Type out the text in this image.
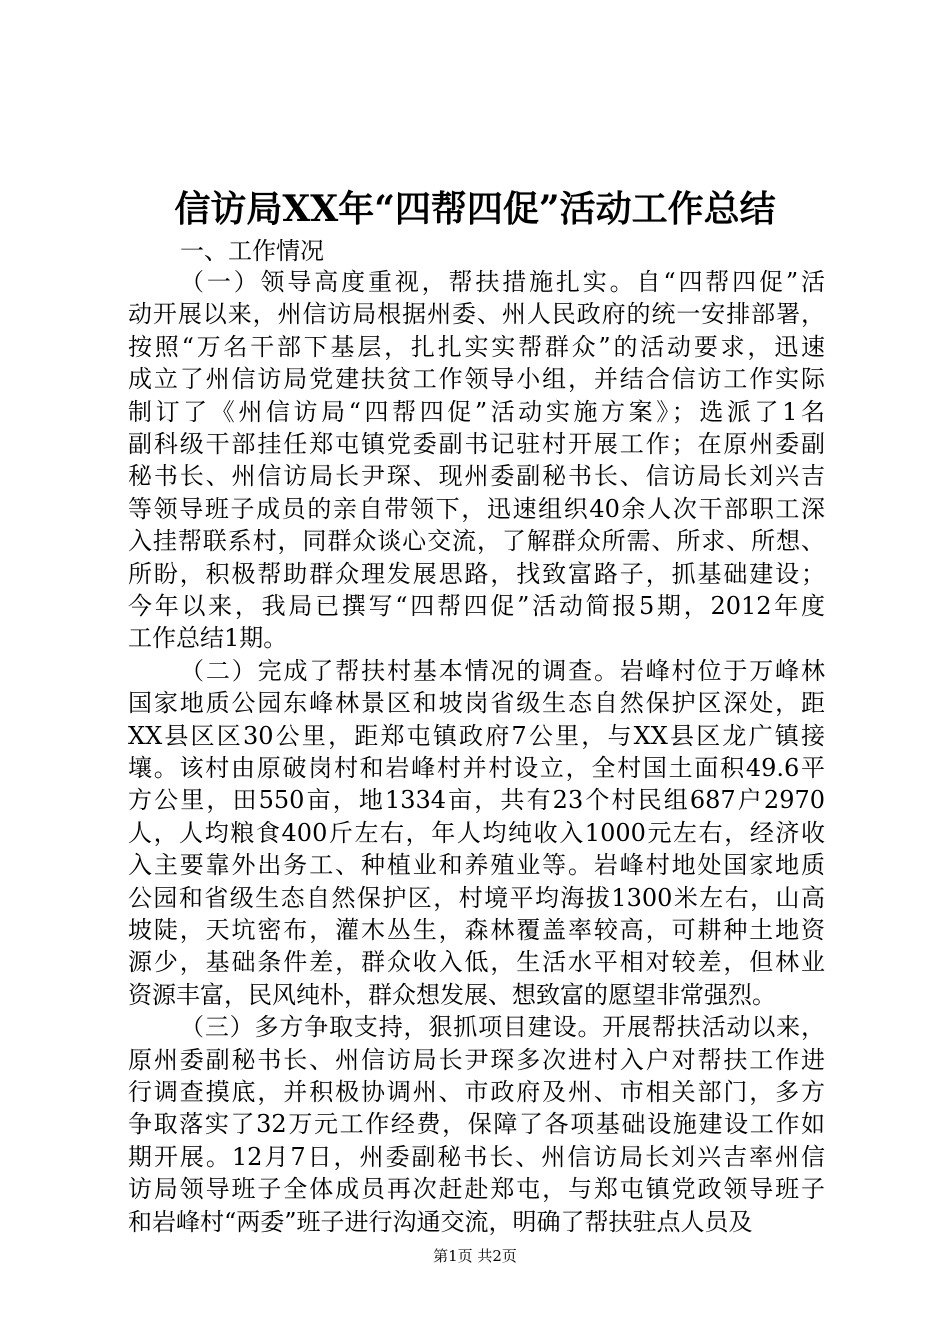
信访局XX年“四帮四促”活动工作总结
一、工作情况
（一）领导高度重视，帮扶措施扎实。自“四帮四促”活
动开展以来，州信访局根据州委、州人民政府的统一安排部署，
按照“万名干部下基层，扎扎实实帮群众”的活动要求，迅速
成立了州信访局党建扶贫工作领导小组，并结合信访工作实际
制订了《州信访局“四帮四促”活动实施方案》；选派了1名
副科级干部挂任郑屯镇党委副书记驻村开展工作；在原州委副
秘书长、州信访局长尹琛、现州委副秘书长、信访局长刘兴吉
等领导班子成员的亲自带领下，迅速组织40余人次干部职工深
入挂帮联系村，同群众谈心交流，了解群众所需、所求、所想、
所盼，积极帮助群众理发展思路，找致富路子，抓基础建设；
今年以来，我局已撰写“四帮四促”活动简报5期，2012年度
工作总结1期。
（二）完成了帮扶村基本情况的调查。岩峰村位于万峰林
国家地质公园东峰林景区和坡岗省级生态自然保护区深处，距
XX县区区30公里，距郑屯镇政府7公里，与XX县区龙广镇接
壤。该村由原破岗村和岩峰村并村设立，全村国土面积49.6平
方公里，田550亩，地1334亩，共有23个村民组687户2970
人，人均粮食400斤左右，年人均纯收入1000元左右，经济收
入主要靠外出务工、种植业和养殖业等。岩峰村地处国家地质
公园和省级生态自然保护区，村境平均海拔1300米左右，山高
坡陡，天坑密布，灌木丛生，森林覆盖率较高，可耕种土地资
源少，基础条件差，群众收入低，生活水平相对较差，但林业
资源丰富，民风纯朴，群众想发展、想致富的愿望非常强烈。
（三）多方争取支持，狠抓项目建设。开展帮扶活动以来，
原州委副秘书长、州信访局长尹琛多次进村入户对帮扶工作进
行调查摸底，并积极协调州、市政府及州、市相关部门，多方
争取落实了32万元工作经费，保障了各项基础设施建设工作如
期开展。12月7日，州委副秘书长、州信访局长刘兴吉率州信
访局领导班子全体成员再次赶赴郑屯，与郑屯镇党政领导班子
和岩峰村“两委”班子进行沟通交流，明确了帮扶驻点人员及
第1页 共2页
